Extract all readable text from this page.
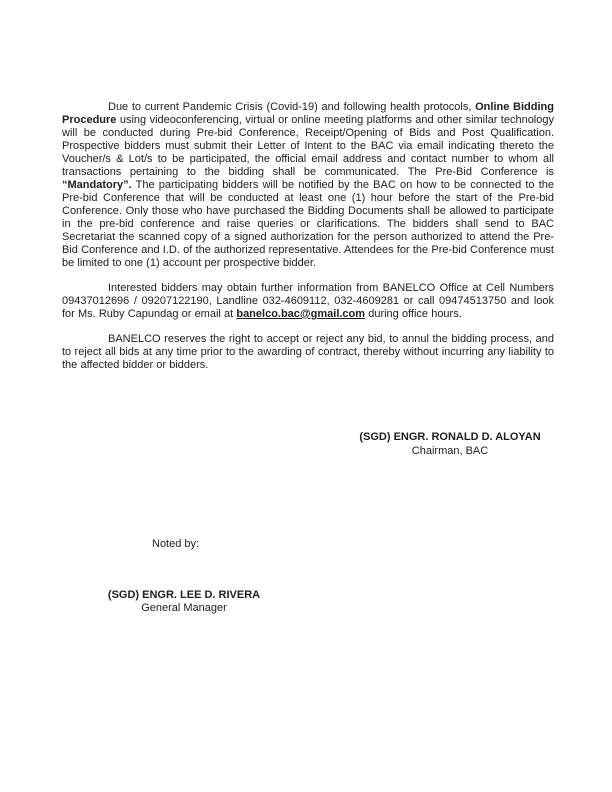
Due to current Pandemic Crisis (Covid-19) and following health protocols, Online Bidding Procedure using videoconferencing, virtual or online meeting platforms and other similar technology will be conducted during Pre-bid Conference, Receipt/Opening of Bids and Post Qualification. Prospective bidders must submit their Letter of Intent to the BAC via email indicating thereto the Voucher/s & Lot/s to be participated, the official email address and contact number to whom all transactions pertaining to the bidding shall be communicated. The Pre-Bid Conference is “Mandatory”. The participating bidders will be notified by the BAC on how to be connected to the Pre-bid Conference that will be conducted at least one (1) hour before the start of the Pre-bid Conference. Only those who have purchased the Bidding Documents shall be allowed to participate in the pre-bid conference and raise queries or clarifications. The bidders shall send to BAC Secretariat the scanned copy of a signed authorization for the person authorized to attend the Pre-Bid Conference and I.D. of the authorized representative. Attendees for the Pre-bid Conference must be limited to one (1) account per prospective bidder.

Interested bidders may obtain further information from BANELCO Office at Cell Numbers 09437012696 / 09207122190, Landline 032-4609112, 032-4609281 or call 09474513750 and look for Ms. Ruby Capundag or email at banelco.bac@gmail.com during office hours.

BANELCO reserves the right to accept or reject any bid, to annul the bidding process, and to reject all bids at any time prior to the awarding of contract, thereby without incurring any liability to the affected bidder or bidders.

(SGD) ENGR. RONALD D. ALOYAN
Chairman, BAC
Noted by:
(SGD) ENGR. LEE D. RIVERA
General Manager
